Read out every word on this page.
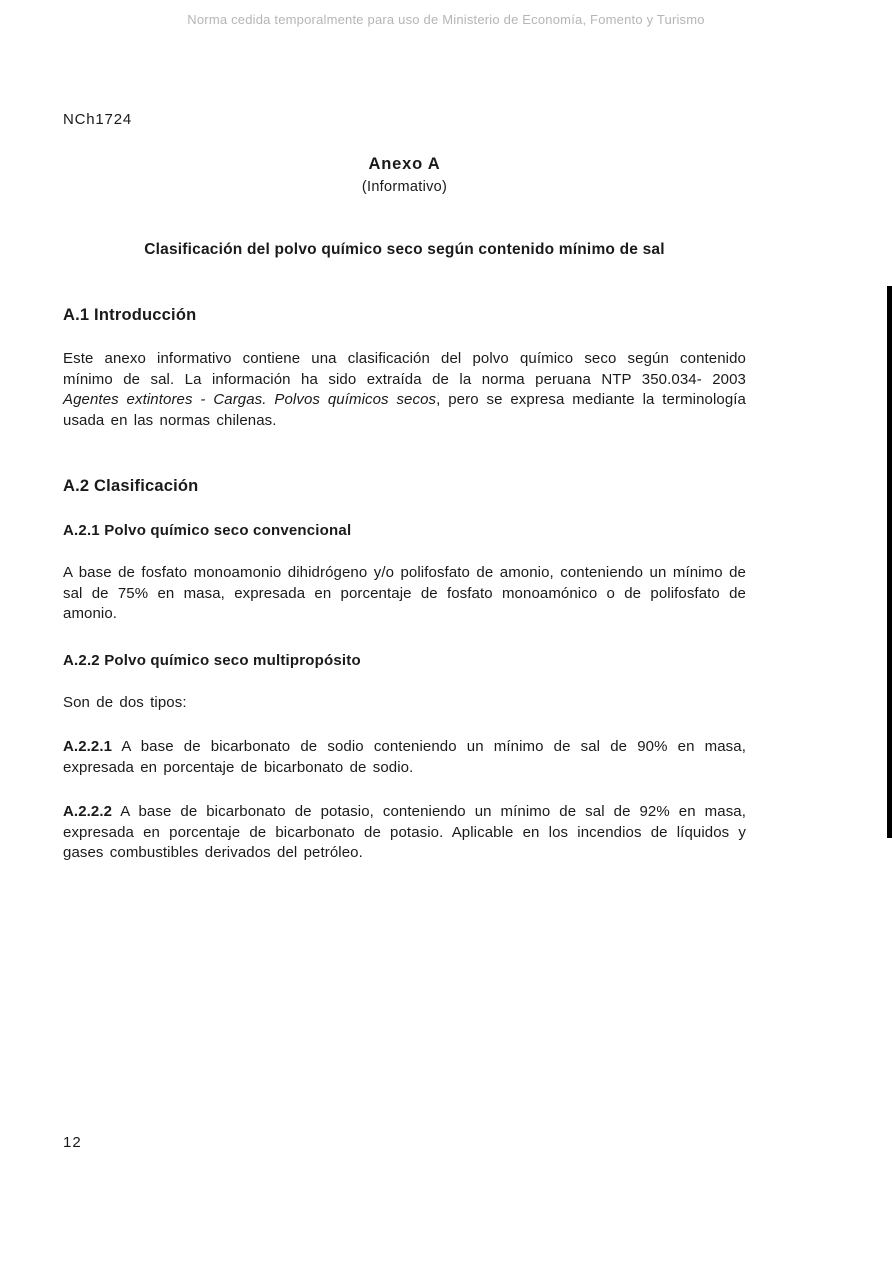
Norma cedida temporalmente para uso de Ministerio de Economía, Fomento y Turismo
NCh1724
Anexo A
(Informativo)
Clasificación del polvo químico seco según contenido mínimo de sal
A.1 Introducción

Este anexo informativo contiene una clasificación del polvo químico seco según contenido mínimo de sal. La información ha sido extraída de la norma peruana NTP 350.034- 2003 Agentes extintores - Cargas. Polvos químicos secos, pero se expresa mediante la terminología usada en las normas chilenas.

A.2 Clasificación
A.2.1 Polvo químico seco convencional

A base de fosfato monoamonio dihidrógeno y/o polifosfato de amonio, conteniendo un mínimo de sal de 75% en masa, expresada en porcentaje de fosfato monoamónico o de polifosfato de amonio.

A.2.2 Polvo químico seco multipropósito

Son de dos tipos:

A.2.2.1 A base de bicarbonato de sodio conteniendo un mínimo de sal de 90% en masa, expresada en porcentaje de bicarbonato de sodio.

A.2.2.2 A base de bicarbonato de potasio, conteniendo un mínimo de sal de 92% en masa, expresada en porcentaje de bicarbonato de potasio. Aplicable en los incendios de líquidos y gases combustibles derivados del petróleo.

12
